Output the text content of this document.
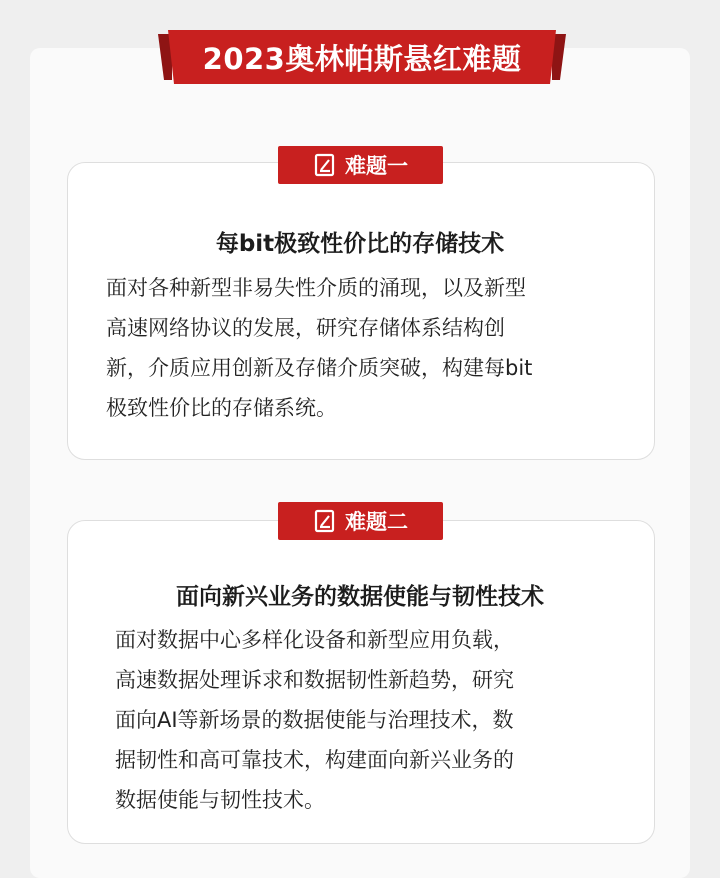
2023奥林帕斯悬红难题
难题一
每bit极致性价比的存储技术
面对各种新型非易失性介质的涌现，以及新型
高速网络协议的发展，研究存储体系结构创
新，介质应用创新及存储介质突破，构建每bit
极致性价比的存储系统。
难题二
面向新兴业务的数据使能与韧性技术
面对数据中心多样化设备和新型应用负载，
高速数据处理诉求和数据韧性新趋势，研究
面向AI等新场景的数据使能与治理技术，数
据韧性和高可靠技术，构建面向新兴业务的
数据使能与韧性技术。
